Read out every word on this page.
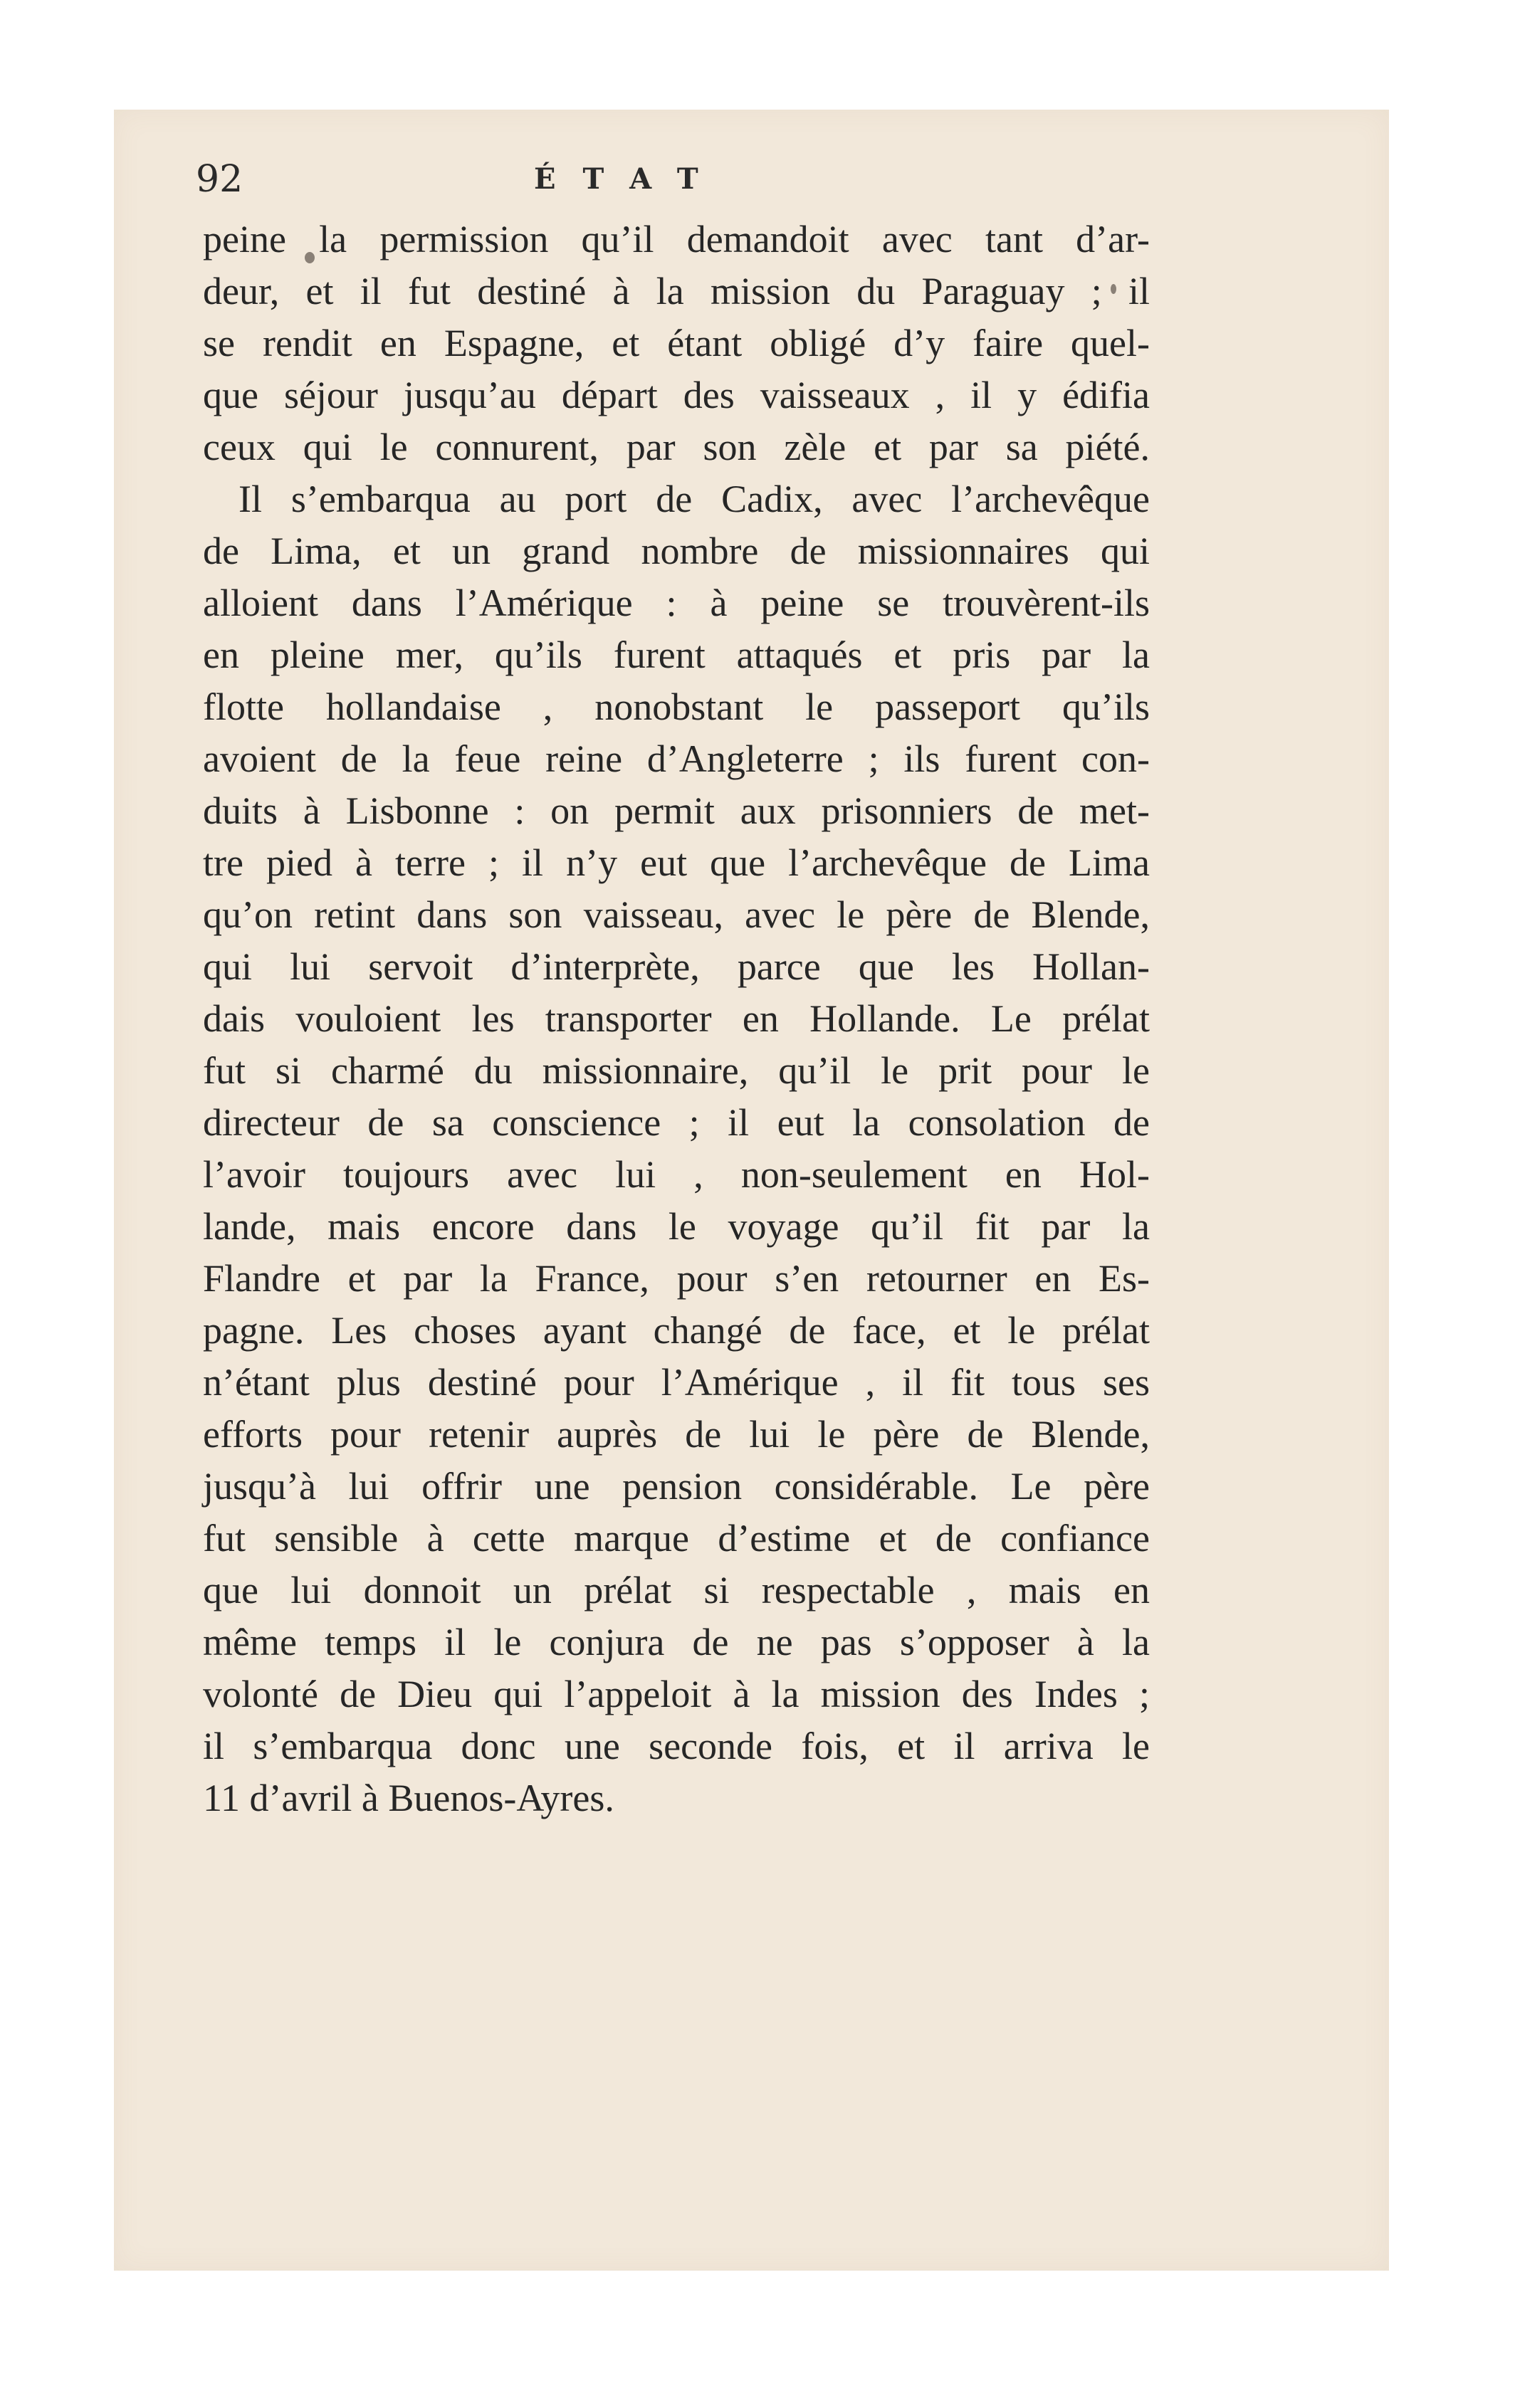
92	ÉTAT
peine la permission qu’il demandoit avec tant d’ar-
deur, et il fut destiné à la mission du Paraguay ; il
se rendit en Espagne, et étant obligé d’y faire quel-
que séjour jusqu’au départ des vaisseaux , il y édifia
ceux qui le connurent, par son zèle et par sa piété.
Il s’embarqua au port de Cadix, avec l’archevêque
de Lima, et un grand nombre de missionnaires qui
alloient dans l’Amérique : à peine se trouvèrent-ils
en pleine mer, qu’ils furent attaqués et pris par la
flotte hollandaise , nonobstant le passeport qu’ils
avoient de la feue reine d’Angleterre ; ils furent con-
duits à Lisbonne : on permit aux prisonniers de met-
tre pied à terre ; il n’y eut que l’archevêque de Lima
qu’on retint dans son vaisseau, avec le père de Blende,
qui lui servoit d’interprète, parce que les Hollan-
dais vouloient les transporter en Hollande. Le prélat
fut si charmé du missionnaire, qu’il le prit pour le
directeur de sa conscience ; il eut la consolation de
l’avoir toujours avec lui , non-seulement en Hol-
lande, mais encore dans le voyage qu’il fit par la
Flandre et par la France, pour s’en retourner en Es-
pagne. Les choses ayant changé de face, et le prélat
n’étant plus destiné pour l’Amérique , il fit tous ses
efforts pour retenir auprès de lui le père de Blende,
jusqu’à lui offrir une pension considérable. Le père
fut sensible à cette marque d’estime et de confiance
que lui donnoit un prélat si respectable , mais en
même temps il le conjura de ne pas s’opposer à la
volonté de Dieu qui l’appeloit à la mission des Indes ;
il s’embarqua donc une seconde fois, et il arriva le
11 d’avril à Buenos-Ayres.
